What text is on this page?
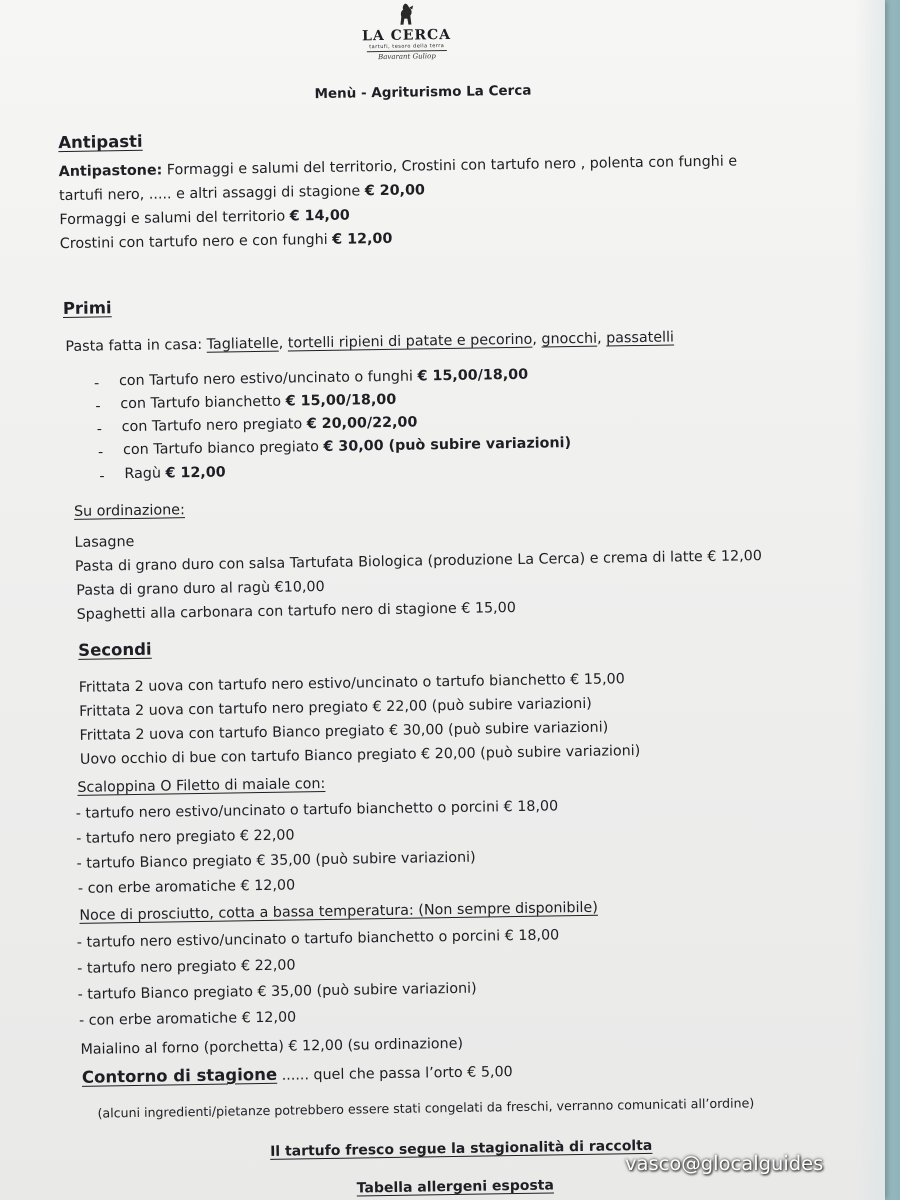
LA CERCA
tartufi, tesoro della terra
Bavarant Guliop
Menù - Agriturismo La Cerca
Antipasti
Antipastone: Formaggi e salumi del territorio, Crostini con tartufo nero , polenta con funghi e
tartufi nero, ..... e altri assaggi di stagione € 20,00
Formaggi e salumi del territorio € 14,00
Crostini con tartufo nero e con funghi € 12,00
Primi
Pasta fatta in casa: Tagliatelle, tortelli ripieni di patate e pecorino, gnocchi, passatelli
- con Tartufo nero estivo/uncinato o funghi € 15,00/18,00
- con Tartufo bianchetto € 15,00/18,00
- con Tartufo nero pregiato € 20,00/22,00
- con Tartufo bianco pregiato € 30,00 (può subire variazioni)
- Ragù € 12,00
Su ordinazione:
Lasagne
Pasta di grano duro con salsa Tartufata Biologica (produzione La Cerca) e crema di latte € 12,00
Pasta di grano duro al ragù €10,00
Spaghetti alla carbonara con tartufo nero di stagione € 15,00
Secondi
Frittata 2 uova con tartufo nero estivo/uncinato o tartufo bianchetto € 15,00
Frittata 2 uova con tartufo nero pregiato € 22,00 (può subire variazioni)
Frittata 2 uova con tartufo Bianco pregiato € 30,00 (può subire variazioni)
Uovo occhio di bue con tartufo Bianco pregiato € 20,00 (può subire variazioni)
Scaloppina O Filetto di maiale con:
- tartufo nero estivo/uncinato o tartufo bianchetto o porcini € 18,00
- tartufo nero pregiato € 22,00
- tartufo Bianco pregiato € 35,00 (può subire variazioni)
- con erbe aromatiche € 12,00
Noce di prosciutto, cotta a bassa temperatura: (Non sempre disponibile)
- tartufo nero estivo/uncinato o tartufo bianchetto o porcini € 18,00
- tartufo nero pregiato € 22,00
- tartufo Bianco pregiato € 35,00 (può subire variazioni)
- con erbe aromatiche € 12,00
Maialino al forno (porchetta) € 12,00 (su ordinazione)
Contorno di stagione ...... quel che passa l’orto € 5,00
(alcuni ingredienti/pietanze potrebbero essere stati congelati da freschi, verranno comunicati all’ordine)
Il tartufo fresco segue la stagionalità di raccolta
Tabella allergeni esposta
vasco@glocalguides
